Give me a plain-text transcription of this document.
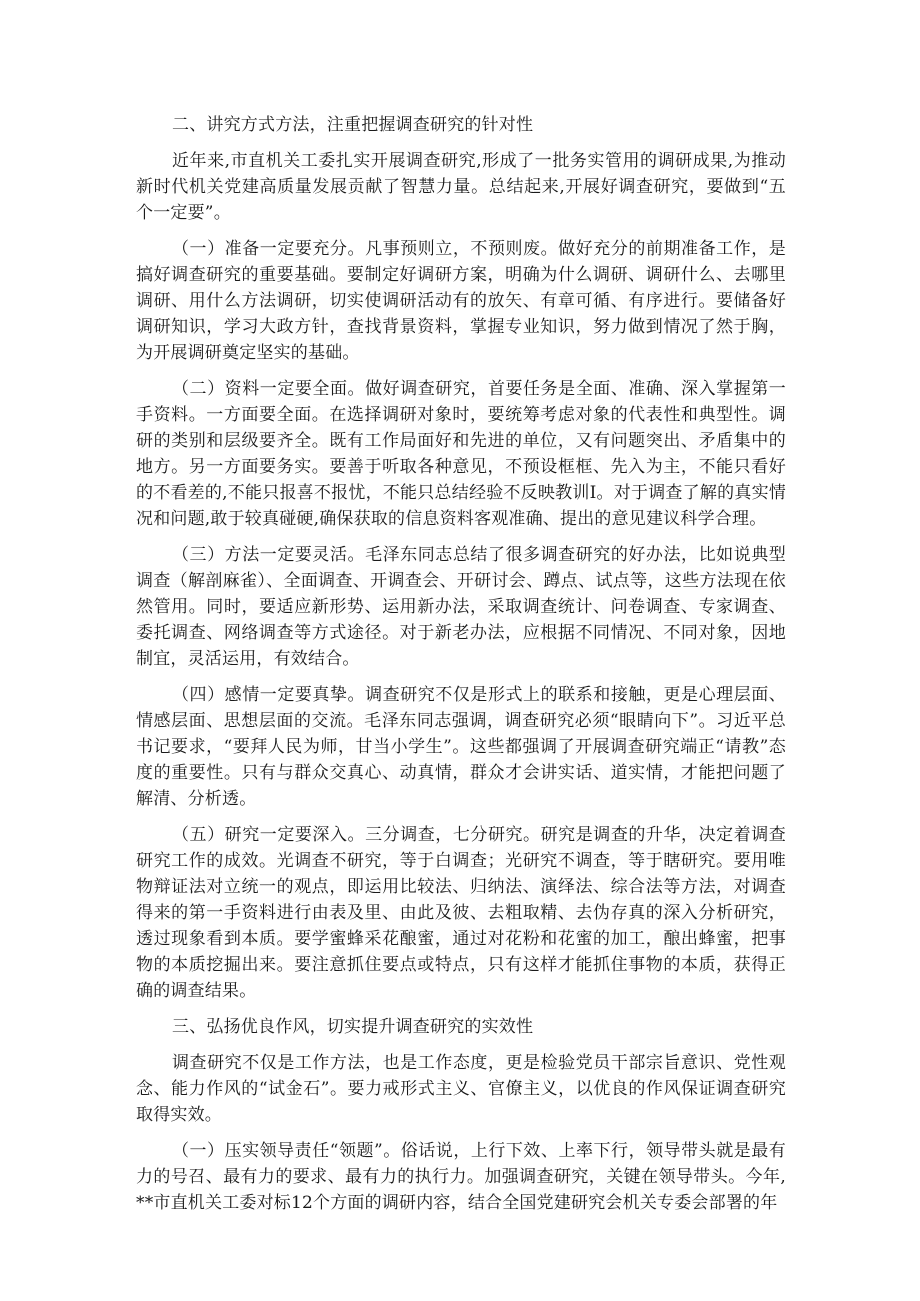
二、讲究方式方法，注重把握调查研究的针对性

近年来,市直机关工委扎实开展调查研究,形成了一批务实管用的调研成果,为推动新时代机关党建高质量发展贡献了智慧力量。总结起来,开展好调查研究，要做到“五个一定要”。

（一）准备一定要充分。凡事预则立，不预则废。做好充分的前期准备工作，是搞好调查研究的重要基础。要制定好调研方案，明确为什么调研、调研什么、去哪里调研、用什么方法调研，切实使调研活动有的放矢、有章可循、有序进行。要储备好调研知识，学习大政方针，查找背景资料，掌握专业知识，努力做到情况了然于胸，为开展调研奠定坚实的基础。

（二）资料一定要全面。做好调查研究，首要任务是全面、准确、深入掌握第一手资料。一方面要全面。在选择调研对象时，要统筹考虑对象的代表性和典型性。调研的类别和层级要齐全。既有工作局面好和先进的单位，又有问题突出、矛盾集中的地方。另一方面要务实。要善于听取各种意见，不预设框框、先入为主，不能只看好的不看差的,不能只报喜不报忧，不能只总结经验不反映教训I。对于调查了解的真实情况和问题,敢于较真碰硬,确保获取的信息资料客观准确、提出的意见建议科学合理。

（三）方法一定要灵活。毛泽东同志总结了很多调查研究的好办法，比如说典型调查（解剖麻雀）、全面调查、开调查会、开研讨会、蹲点、试点等，这些方法现在依然管用。同时，要适应新形势、运用新办法，采取调查统计、问卷调查、专家调查、委托调查、网络调查等方式途径。对于新老办法，应根据不同情况、不同对象，因地制宜，灵活运用，有效结合。

（四）感情一定要真挚。调查研究不仅是形式上的联系和接触，更是心理层面、情感层面、思想层面的交流。毛泽东同志强调，调查研究必须“眼睛向下”。习近平总书记要求，“要拜人民为师，甘当小学生”。这些都强调了开展调查研究端正“请教”态度的重要性。只有与群众交真心、动真情，群众才会讲实话、道实情，才能把问题了解清、分析透。

（五）研究一定要深入。三分调查，七分研究。研究是调查的升华，决定着调查研究工作的成效。光调查不研究，等于白调查；光研究不调查，等于瞎研究。要用唯物辩证法对立统一的观点，即运用比较法、归纳法、演绎法、综合法等方法，对调查得来的第一手资料进行由表及里、由此及彼、去粗取精、去伪存真的深入分析研究，透过现象看到本质。要学蜜蜂采花酿蜜，通过对花粉和花蜜的加工，酿出蜂蜜，把事物的本质挖掘出来。要注意抓住要点或特点，只有这样才能抓住事物的本质，获得正确的调查结果。

三、弘扬优良作风，切实提升调查研究的实效性

调查研究不仅是工作方法，也是工作态度，更是检验党员干部宗旨意识、党性观念、能力作风的“试金石”。要力戒形式主义、官僚主义，以优良的作风保证调查研究取得实效。

（一）压实领导责任“领题”。俗话说，上行下效、上率下行，领导带头就是最有力的号召、最有力的要求、最有力的执行力。加强调查研究，关键在领导带头。今年,**市直机关工委对标12个方面的调研内容，结合全国党建研究会机关专委会部署的年
